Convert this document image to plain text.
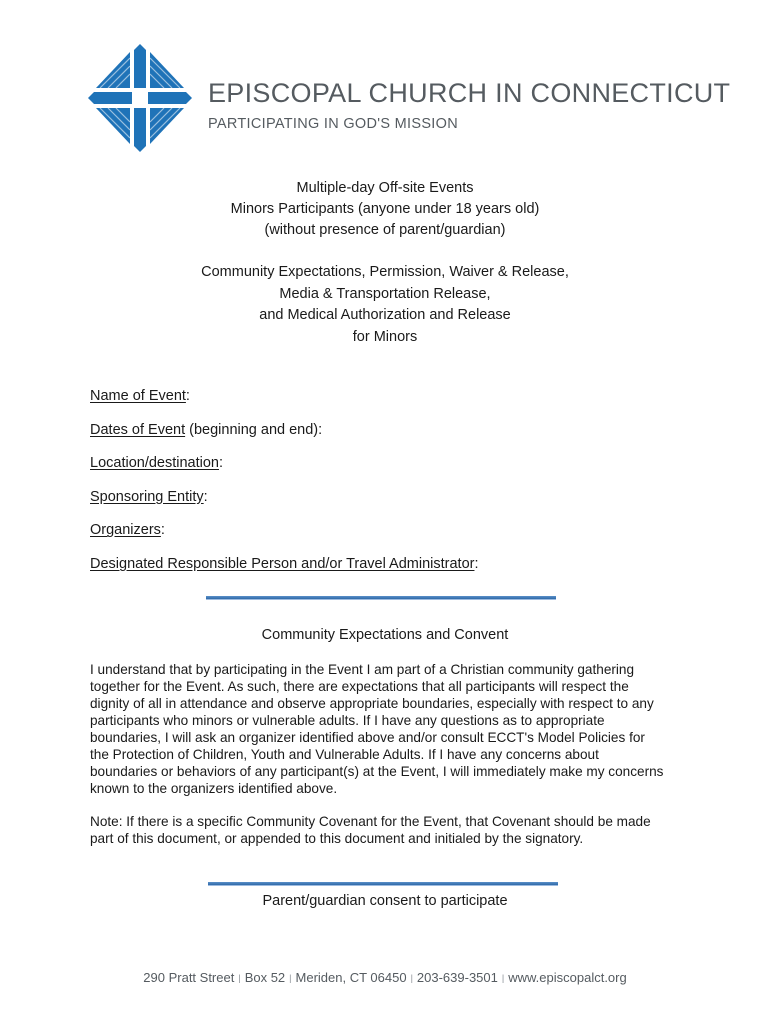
EPISCOPAL CHURCH IN CONNECTICUT
PARTICIPATING IN GOD'S MISSION
Multiple-day Off-site Events
Minors Participants (anyone under 18 years old)
(without presence of parent/guardian)
Community Expectations, Permission, Waiver & Release,
Media & Transportation Release,
and Medical Authorization and Release
for Minors
Name of Event:
Dates of Event (beginning and end):
Location/destination:
Sponsoring Entity:
Organizers:
Designated Responsible Person and/or Travel Administrator:
Community Expectations and Convent
I understand that by participating in the Event I am part of a Christian community gathering
together for the Event. As such, there are expectations that all participants will respect the
dignity of all in attendance and observe appropriate boundaries, especially with respect to any
participants who minors or vulnerable adults. If I have any questions as to appropriate
boundaries, I will ask an organizer identified above and/or consult ECCT's Model Policies for
the Protection of Children, Youth and Vulnerable Adults. If I have any concerns about
boundaries or behaviors of any participant(s) at the Event, I will immediately make my concerns
known to the organizers identified above.
Note: If there is a specific Community Covenant for the Event, that Covenant should be made
part of this document, or appended to this document and initialed by the signatory.
Parent/guardian consent to participate
290 Pratt Street | Box 52 | Meriden, CT 06450 | 203-639-3501 | www.episcopalct.org
